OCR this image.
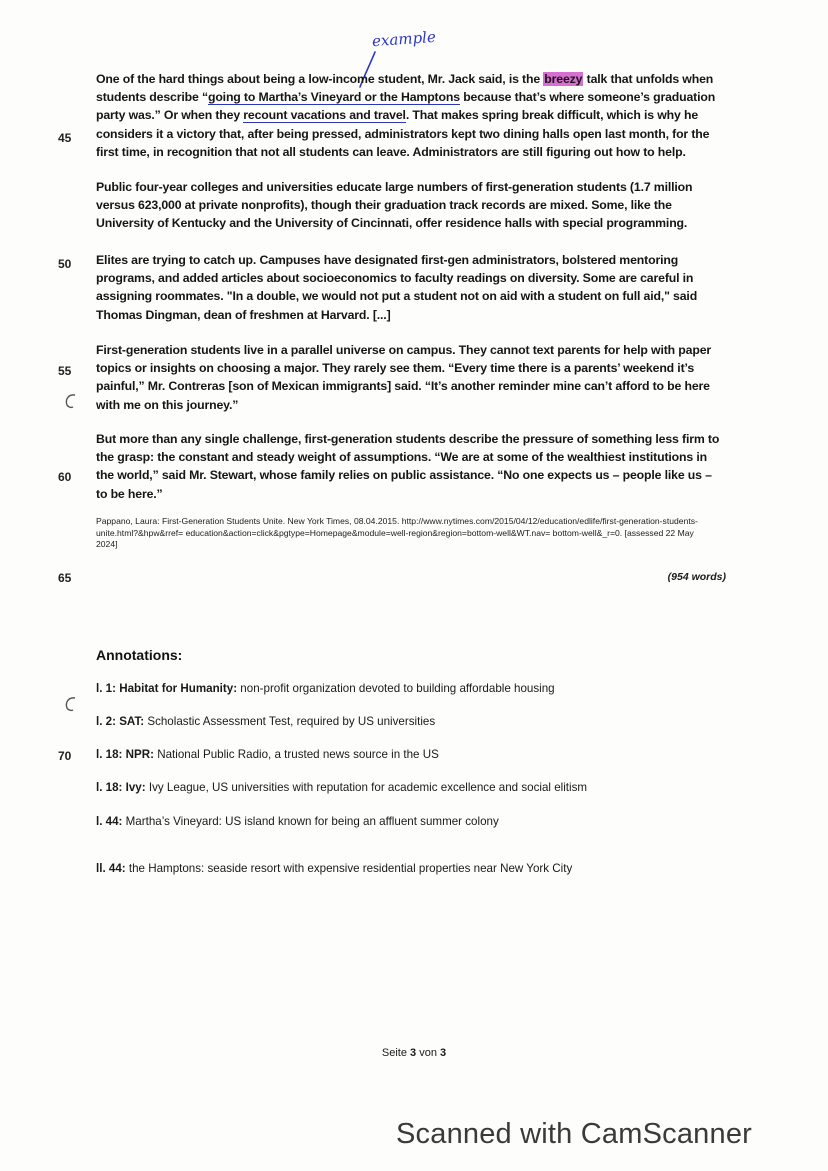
example
45
50
55
60
65
70
One of the hard things about being a low-income student, Mr. Jack said, is the breezy talk that unfolds when students describe “going to Martha’s Vineyard or the Hamptons because that’s where someone’s graduation party was.” Or when they recount vacations and travel. That makes spring break difficult, which is why he considers it a victory that, after being pressed, administrators kept two dining halls open last month, for the first time, in recognition that not all students can leave. Administrators are still figuring out how to help.
Public four-year colleges and universities educate large numbers of first-generation students (1.7 million versus 623,000 at private nonprofits), though their graduation track records are mixed. Some, like the University of Kentucky and the University of Cincinnati, offer residence halls with special programming.
Elites are trying to catch up. Campuses have designated first-gen administrators, bolstered mentoring programs, and added articles about socioeconomics to faculty readings on diversity. Some are careful in assigning roommates. "In a double, we would not put a student not on aid with a student on full aid," said Thomas Dingman, dean of freshmen at Harvard. [...]
First-generation students live in a parallel universe on campus. They cannot text parents for help with paper topics or insights on choosing a major. They rarely see them. “Every time there is a parents’ weekend it’s painful,” Mr. Contreras [son of Mexican immigrants] said. “It’s another reminder mine can’t afford to be here with me on this journey.”
But more than any single challenge, first-generation students describe the pressure of something less firm to the grasp: the constant and steady weight of assumptions. “We are at some of the wealthiest institutions in the world,” said Mr. Stewart, whose family relies on public assistance. “No one expects us – people like us – to be here.”
Pappano, Laura: First-Generation Students Unite. New York Times, 08.04.2015. http://www.nytimes.com/2015/04/12/education/edlife/first-generation-students-unite.html?&hpw&rref= education&action=click&pgtype=Homepage&module=well-region&region=bottom-well&WT.nav= bottom-well&_r=0. [assessed 22 May 2024]
(954 words)
Annotations:
l. 1: Habitat for Humanity: non-profit organization devoted to building affordable housing
l. 2: SAT: Scholastic Assessment Test, required by US universities
l. 18: NPR: National Public Radio, a trusted news source in the US
l. 18: Ivy: Ivy League, US universities with reputation for academic excellence and social elitism
l. 44: Martha’s Vineyard: US island known for being an affluent summer colony
ll. 44: the Hamptons: seaside resort with expensive residential properties near New York City
Seite 3 von 3
Scanned with CamScanner
